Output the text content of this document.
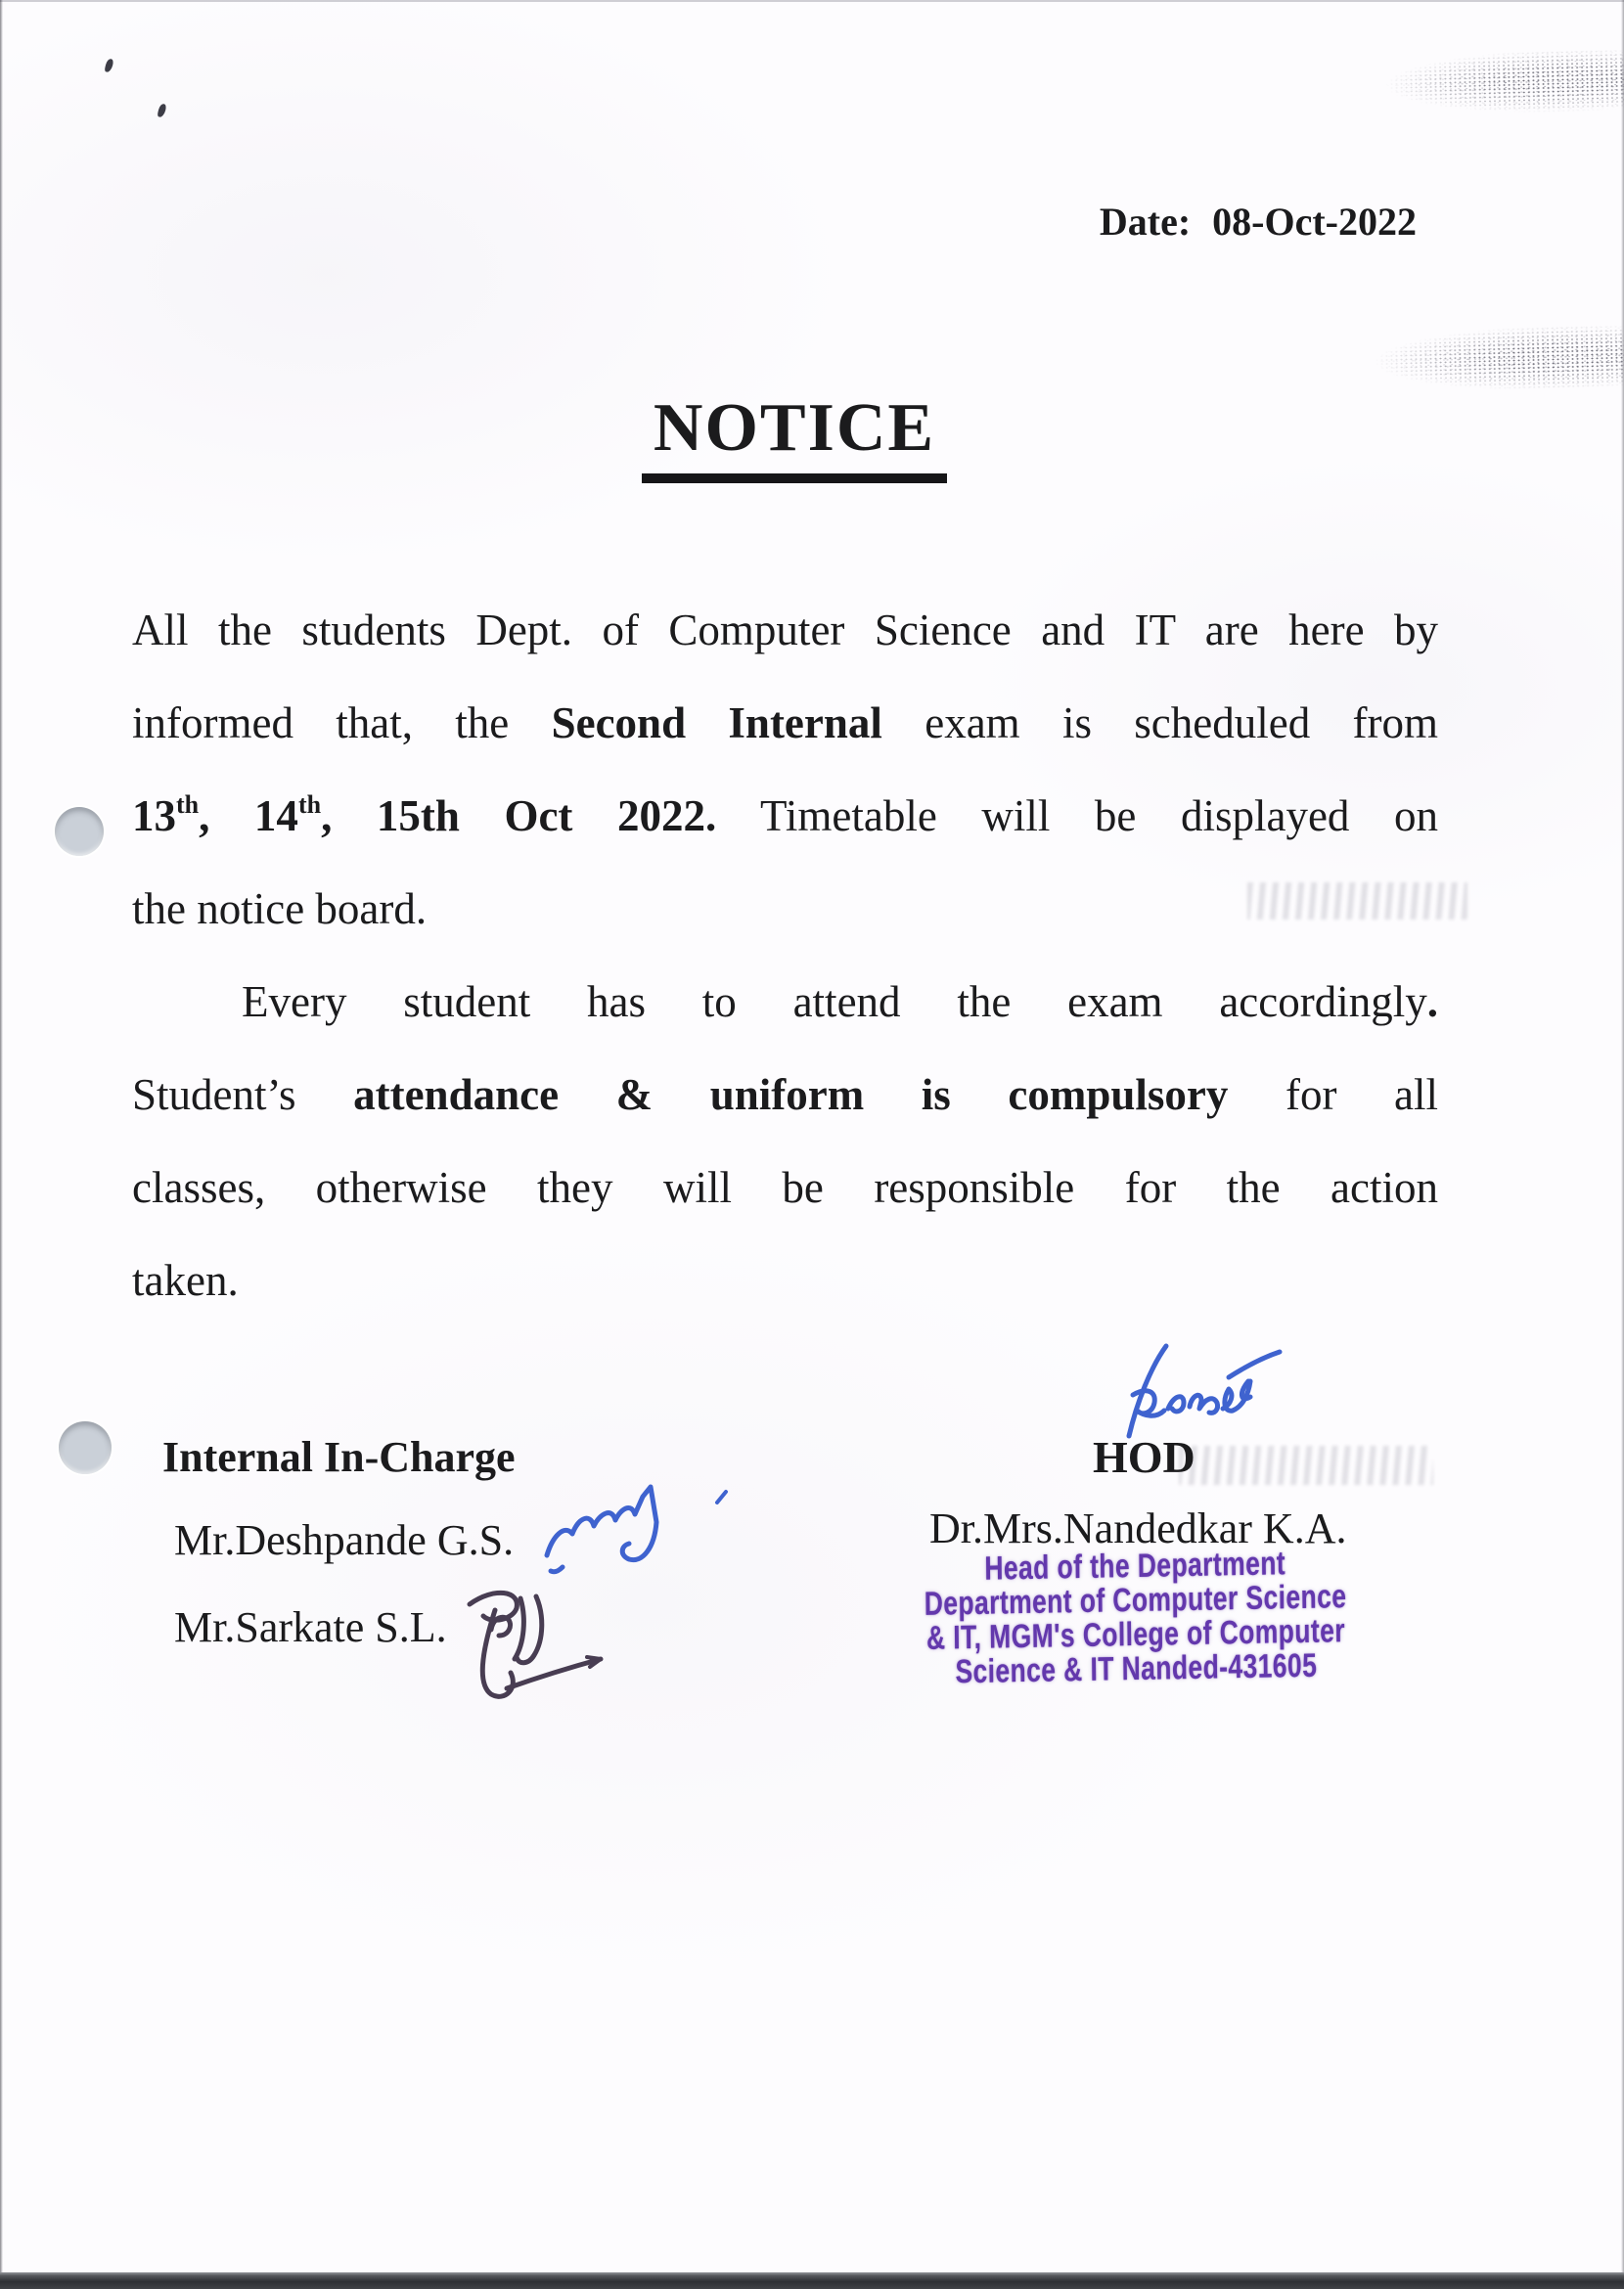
Date: 08-Oct-2022
NOTICE
All the students Dept. of Computer Science and IT are here by
informed that, the Second Internal exam is scheduled from
13th, 14th, 15th Oct 2022. Timetable will be displayed on
the notice board.
Every student has to attend the exam accordingly.
Student’s attendance & uniform is compulsory for all
classes, otherwise they will be responsible for the action
taken.
Internal In-Charge
Mr.Deshpande G.S.
Mr.Sarkate S.L.
HOD
Dr.Mrs.Nandedkar K.A.
Head of the Department
Department of Computer Science
& IT, MGM's College of Computer
Science & IT Nanded-431605
